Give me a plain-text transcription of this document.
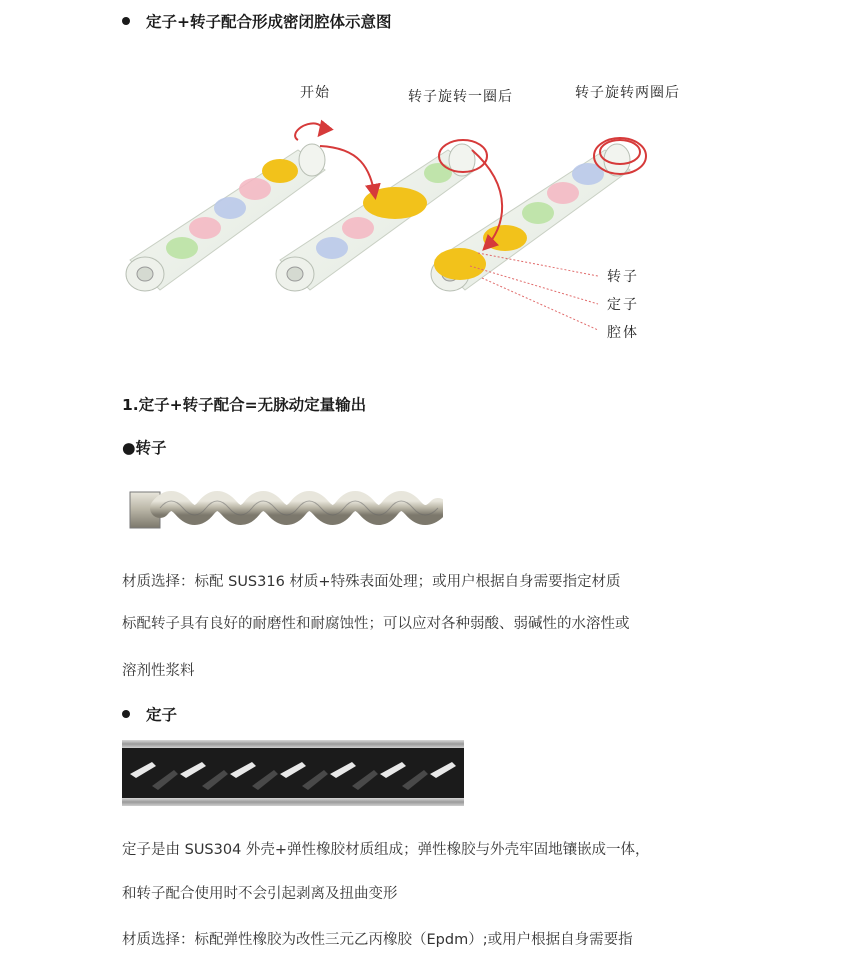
定子+转子配合形成密闭腔体示意图
开始	转子旋转一圈后	转子旋转两圈后
转子
定子
腔体
1.定子+转子配合=无脉动定量输出
●转子
材质选择：标配 SUS316 材质+特殊表面处理；或用户根据自身需要指定材质
标配转子具有良好的耐磨性和耐腐蚀性；可以应对各种弱酸、弱碱性的水溶性或
溶剂性浆料
定子
定子是由 SUS304 外壳+弹性橡胶材质组成；弹性橡胶与外壳牢固地镶嵌成一体，
和转子配合使用时不会引起剥离及扭曲变形
材质选择：标配弹性橡胶为改性三元乙丙橡胶（Epdm）;或用户根据自身需要指
